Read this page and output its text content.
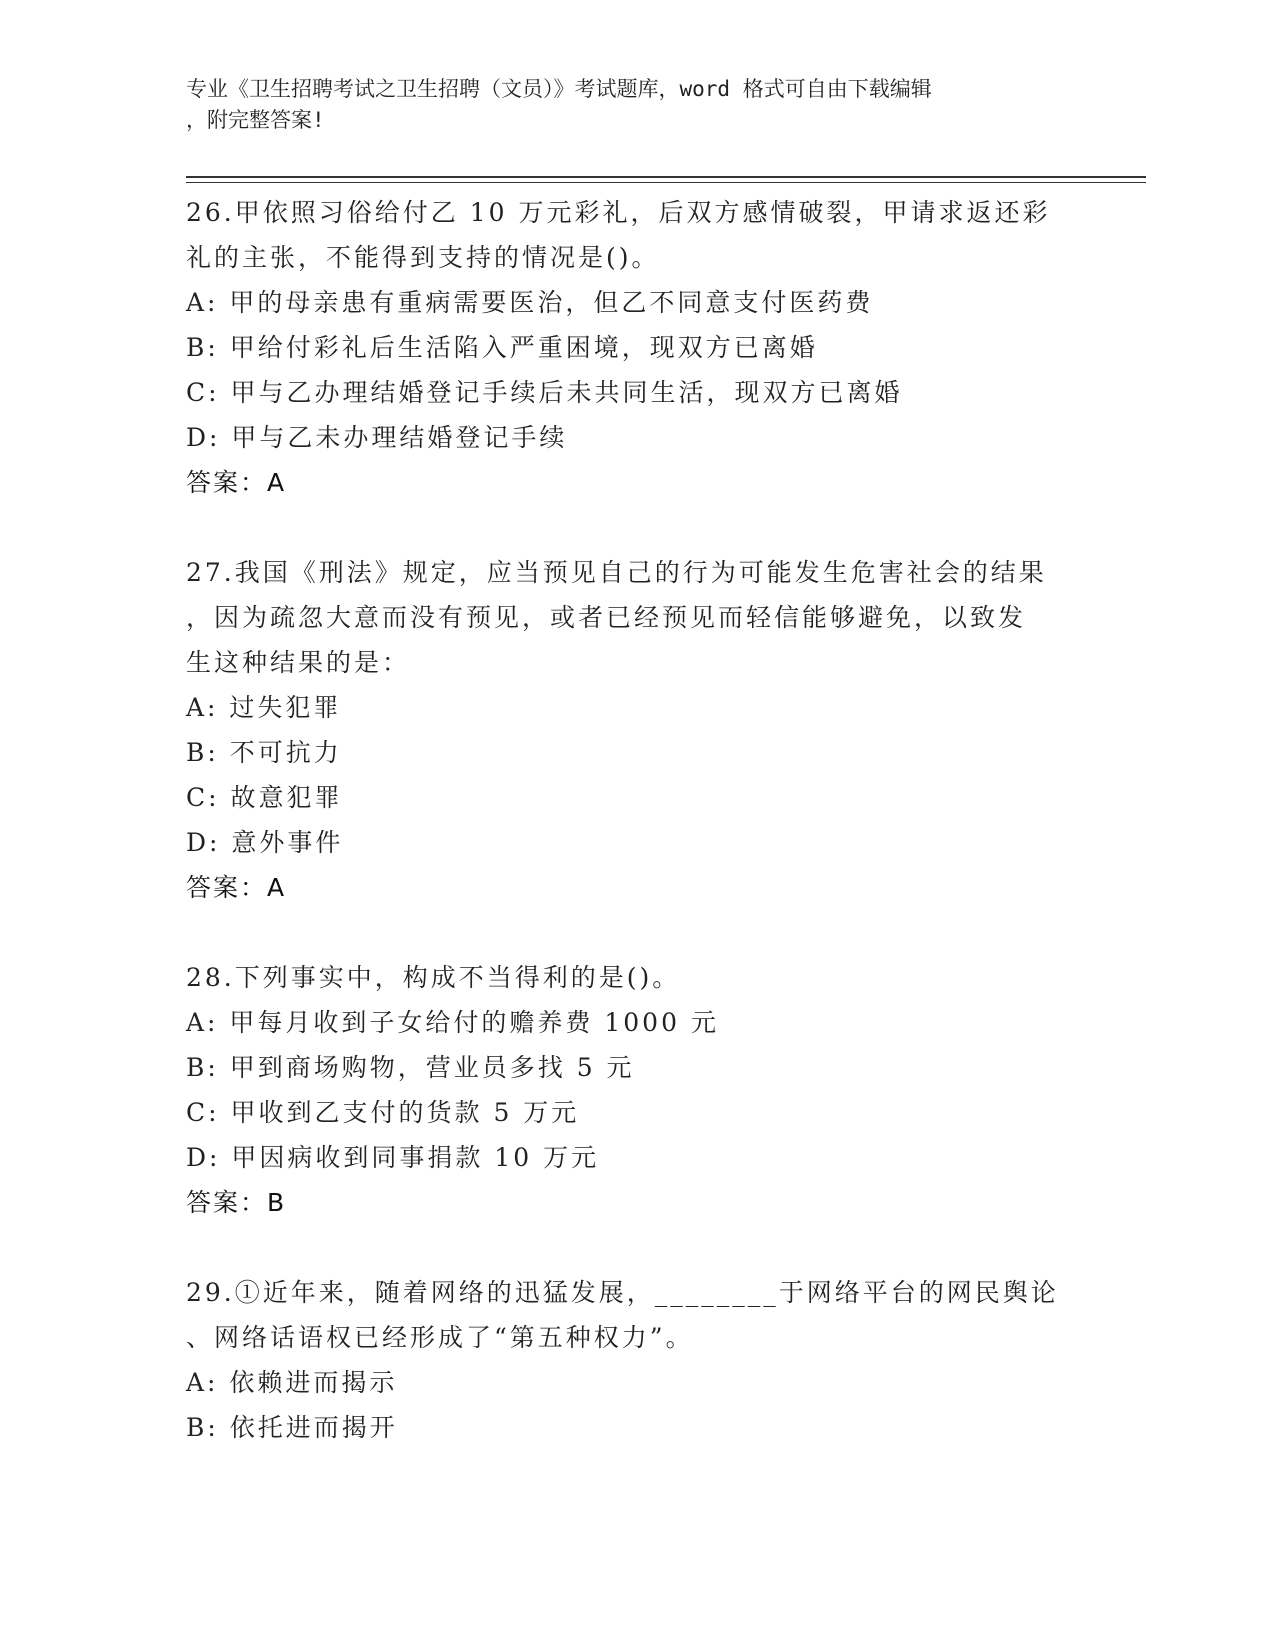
专业《卫生招聘考试之卫生招聘（文员）》考试题库，word 格式可自由下载编辑
，附完整答案!
26.甲依照习俗给付乙 10 万元彩礼，后双方感情破裂，甲请求返还彩
礼的主张，不能得到支持的情况是()。
A: 甲的母亲患有重病需要医治，但乙不同意支付医药费
B: 甲给付彩礼后生活陷入严重困境，现双方已离婚
C: 甲与乙办理结婚登记手续后未共同生活，现双方已离婚
D: 甲与乙未办理结婚登记手续
答案：A
27.我国《刑法》规定，应当预见自己的行为可能发生危害社会的结果
，因为疏忽大意而没有预见，或者已经预见而轻信能够避免，以致发
生这种结果的是：
A: 过失犯罪
B: 不可抗力
C: 故意犯罪
D: 意外事件
答案：A
28.下列事实中，构成不当得利的是()。
A: 甲每月收到子女给付的赡养费 1000 元
B: 甲到商场购物，营业员多找 5 元
C: 甲收到乙支付的货款 5 万元
D: 甲因病收到同事捐款 10 万元
答案：B
29.①近年来，随着网络的迅猛发展，________于网络平台的网民舆论
、网络话语权已经形成了“第五种权力”。
A: 依赖进而揭示
B: 依托进而揭开
